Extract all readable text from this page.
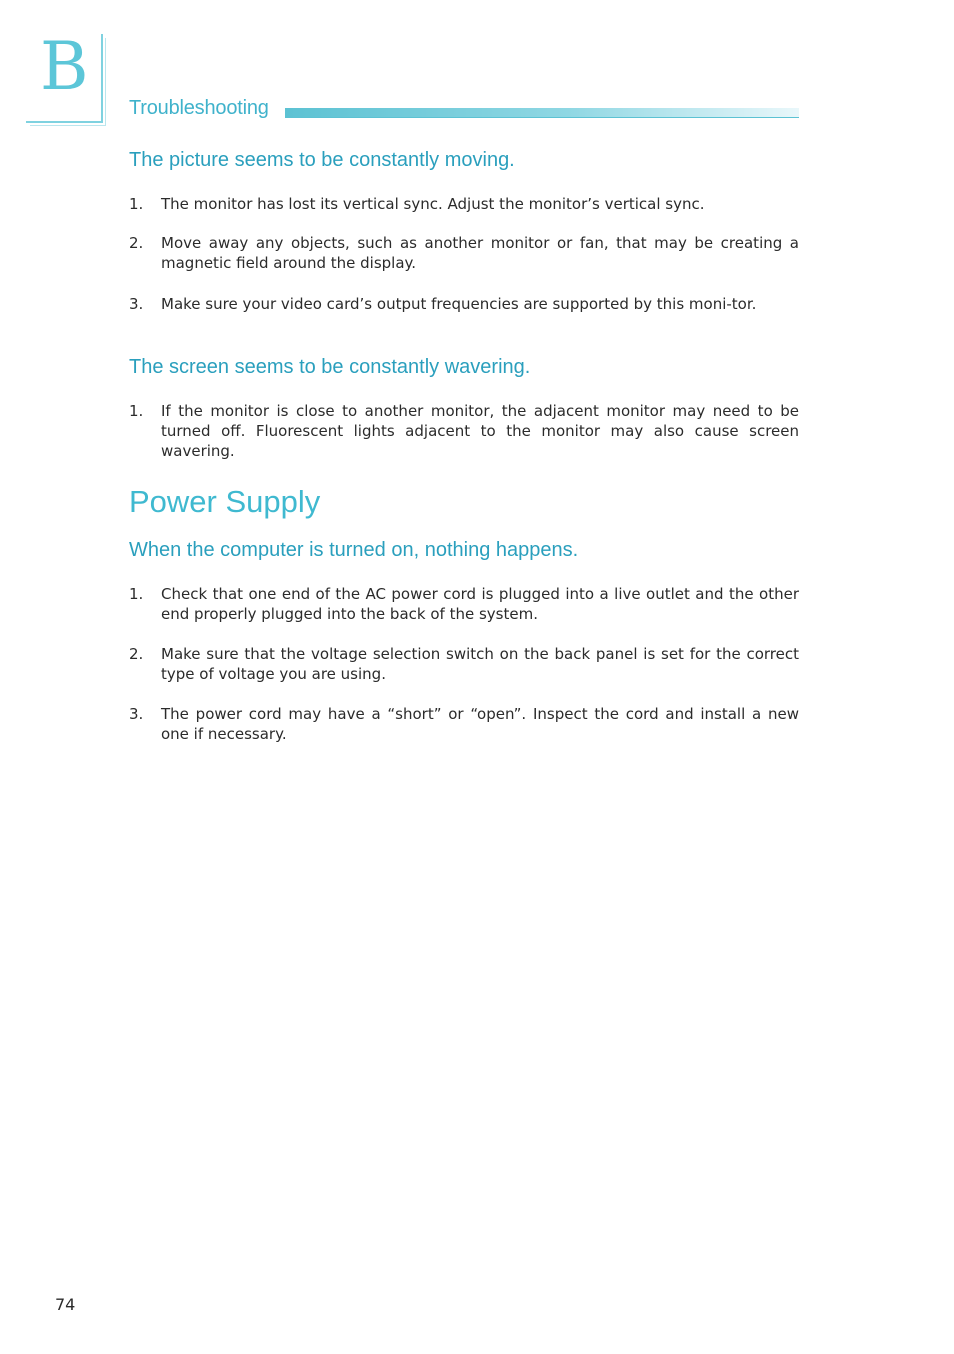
B
Troubleshooting
The picture seems to be constantly moving.
1.	The monitor has lost its vertical sync. Adjust the monitor’s vertical sync.
2.	Move away any objects, such as another monitor or fan, that may be creating a magnetic field around the display.
3.	Make sure your video card’s output frequencies are supported by this moni-tor.
The screen seems to be constantly wavering.
1.	If the monitor is close to another monitor, the adjacent monitor may need to be turned off. Fluorescent lights adjacent to the monitor may also cause screen wavering.
Power Supply
When the computer is turned on, nothing happens.
1.	Check that one end of the AC power cord is plugged into a live outlet and the other end properly plugged into the back of the system.
2.	Make sure that the voltage selection switch on the back panel is set for the correct type of voltage you are using.
3.	The power cord may have a “short” or “open”. Inspect the cord and install a new one if necessary.
74
